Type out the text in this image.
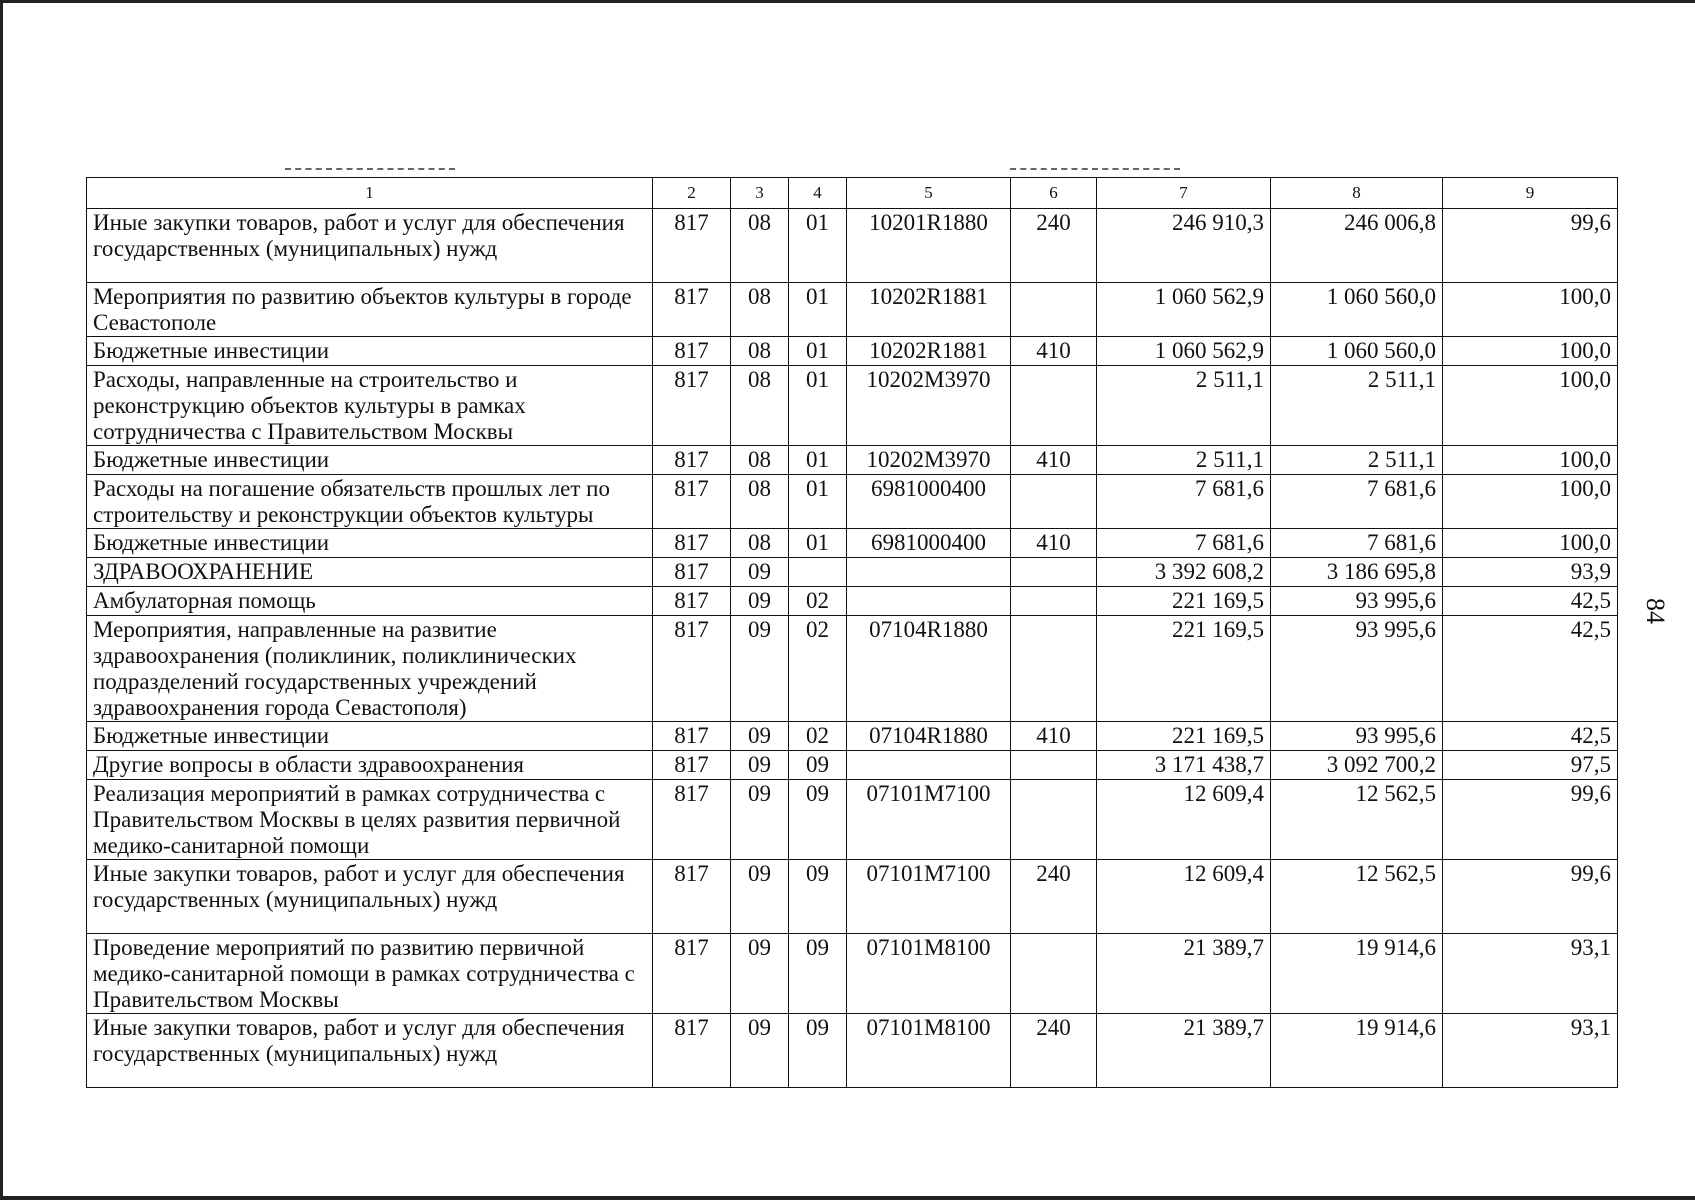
1	2	3	4	5	6	7	8	9
Иные закупки товаров, работ и услуг для обеспечения государственных (муниципальных) нужд	817	08	01	10201R1880	240	246 910,3	246 006,8	99,6
Мероприятия по развитию объектов культуры в городе Севастополе	817	08	01	10202R1881		1 060 562,9	1 060 560,0	100,0
Бюджетные инвестиции	817	08	01	10202R1881	410	1 060 562,9	1 060 560,0	100,0
Расходы, направленные на строительство и реконструкцию объектов культуры в рамках сотрудничества с Правительством Москвы	817	08	01	10202M3970		2 511,1	2 511,1	100,0
Бюджетные инвестиции	817	08	01	10202M3970	410	2 511,1	2 511,1	100,0
Расходы на погашение обязательств прошлых лет по строительству и реконструкции объектов культуры	817	08	01	6981000400		7 681,6	7 681,6	100,0
Бюджетные инвестиции	817	08	01	6981000400	410	7 681,6	7 681,6	100,0
ЗДРАВООХРАНЕНИЕ	817	09				3 392 608,2	3 186 695,8	93,9
Амбулаторная помощь	817	09	02			221 169,5	93 995,6	42,5
Мероприятия, направленные на развитие здравоохранения (поликлиник, поликлинических подразделений государственных учреждений здравоохранения города Севастополя)	817	09	02	07104R1880		221 169,5	93 995,6	42,5
Бюджетные инвестиции	817	09	02	07104R1880	410	221 169,5	93 995,6	42,5
Другие вопросы в области здравоохранения	817	09	09			3 171 438,7	3 092 700,2	97,5
Реализация мероприятий в рамках сотрудничества с Правительством Москвы в целях развития первичной медико-санитарной помощи	817	09	09	07101M7100		12 609,4	12 562,5	99,6
Иные закупки товаров, работ и услуг для обеспечения государственных (муниципальных) нужд	817	09	09	07101M7100	240	12 609,4	12 562,5	99,6
Проведение мероприятий по развитию первичной медико-санитарной помощи в рамках сотрудничества с Правительством Москвы	817	09	09	07101M8100		21 389,7	19 914,6	93,1
Иные закупки товаров, работ и услуг для обеспечения государственных (муниципальных) нужд	817	09	09	07101M8100	240	21 389,7	19 914,6	93,1
84
